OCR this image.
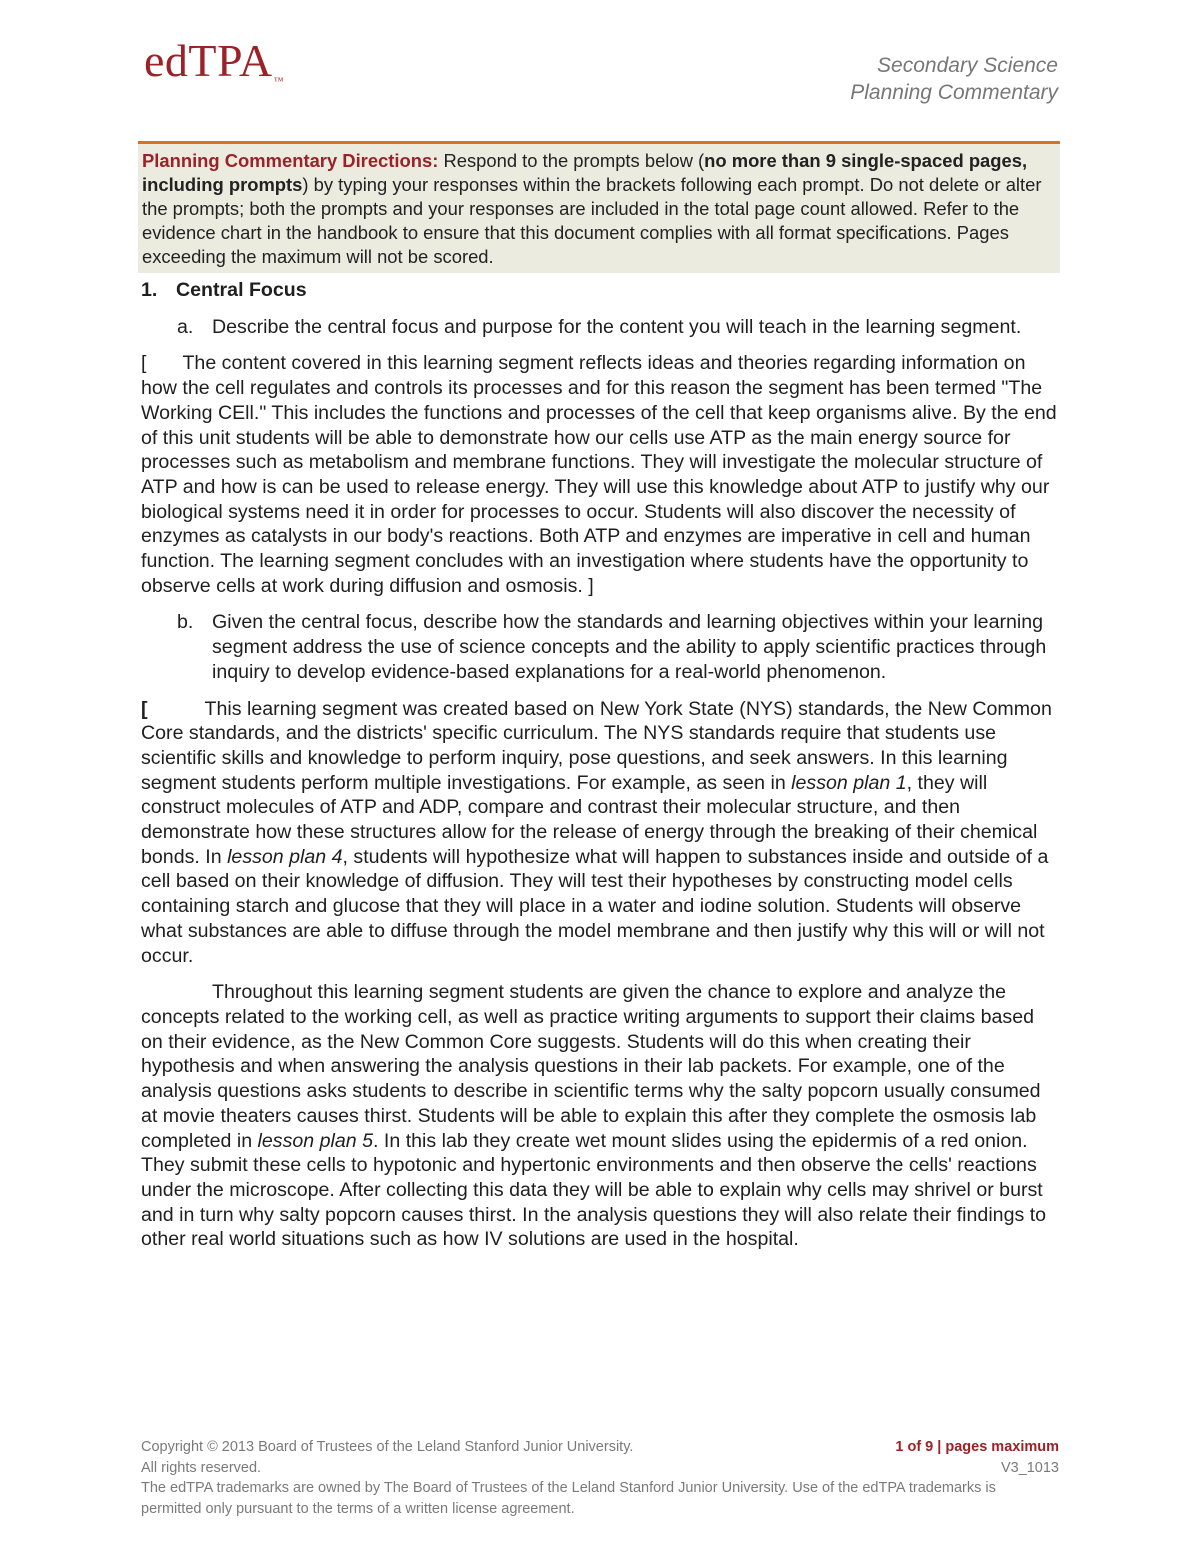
edTPA™
Secondary Science
Planning Commentary
Planning Commentary Directions: Respond to the prompts below (no more than 9 single-spaced pages, including prompts) by typing your responses within the brackets following each prompt. Do not delete or alter the prompts; both the prompts and your responses are included in the total page count allowed. Refer to the evidence chart in the handbook to ensure that this document complies with all format specifications. Pages exceeding the maximum will not be scored.
1. Central Focus
a. Describe the central focus and purpose for the content you will teach in the learning segment.
[ The content covered in this learning segment reflects ideas and theories regarding information on how the cell regulates and controls its processes and for this reason the segment has been termed "The Working CEll." This includes the functions and processes of the cell that keep organisms alive. By the end of this unit students will be able to demonstrate how our cells use ATP as the main energy source for processes such as metabolism and membrane functions. They will investigate the molecular structure of ATP and how is can be used to release energy. They will use this knowledge about ATP to justify why our biological systems need it in order for processes to occur. Students will also discover the necessity of enzymes as catalysts in our body's reactions. Both ATP and enzymes are imperative in cell and human function. The learning segment concludes with an investigation where students have the opportunity to observe cells at work during diffusion and osmosis. ]
b. Given the central focus, describe how the standards and learning objectives within your learning segment address the use of science concepts and the ability to apply scientific practices through inquiry to develop evidence-based explanations for a real-world phenomenon.
[	This learning segment was created based on New York State (NYS) standards, the New Common Core standards, and the districts' specific curriculum. The NYS standards require that students use scientific skills and knowledge to perform inquiry, pose questions, and seek answers. In this learning segment students perform multiple investigations. For example, as seen in lesson plan 1, they will construct molecules of ATP and ADP, compare and contrast their molecular structure, and then demonstrate how these structures allow for the release of energy through the breaking of their chemical bonds. In lesson plan 4, students will hypothesize what will happen to substances inside and outside of a cell based on their knowledge of diffusion. They will test their hypotheses by constructing model cells containing starch and glucose that they will place in a water and iodine solution. Students will observe what substances are able to diffuse through the model membrane and then justify why this will or will not occur.
Throughout this learning segment students are given the chance to explore and analyze the concepts related to the working cell, as well as practice writing arguments to support their claims based on their evidence, as the New Common Core suggests. Students will do this when creating their hypothesis and when answering the analysis questions in their lab packets. For example, one of the analysis questions asks students to describe in scientific terms why the salty popcorn usually consumed at movie theaters causes thirst. Students will be able to explain this after they complete the osmosis lab completed in lesson plan 5. In this lab they create wet mount slides using the epidermis of a red onion. They submit these cells to hypotonic and hypertonic environments and then observe the cells' reactions under the microscope. After collecting this data they will be able to explain why cells may shrivel or burst and in turn why salty popcorn causes thirst. In the analysis questions they will also relate their findings to other real world situations such as how IV solutions are used in the hospital.
Copyright © 2013 Board of Trustees of the Leland Stanford Junior University.	1 of 9 | pages maximum
All rights reserved.	V3_1013
The edTPA trademarks are owned by The Board of Trustees of the Leland Stanford Junior University. Use of the edTPA trademarks is permitted only pursuant to the terms of a written license agreement.
